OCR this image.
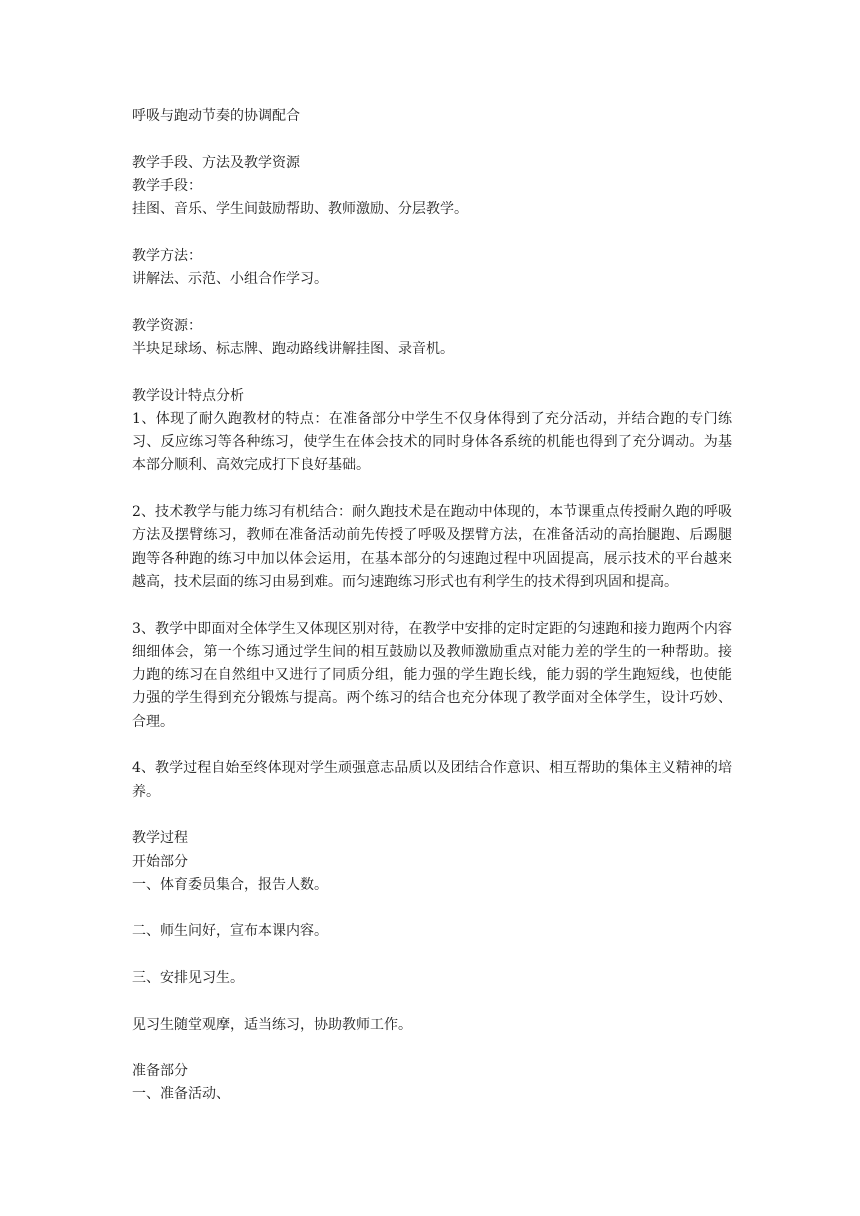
呼吸与跑动节奏的协调配合

教学手段、方法及教学资源

教学手段：

挂图、音乐、学生间鼓励帮助、教师激励、分层教学。

教学方法：

讲解法、示范、小组合作学习。

教学资源：

半块足球场、标志牌、跑动路线讲解挂图、录音机。

教学设计特点分析

1、体现了耐久跑教材的特点：在准备部分中学生不仅身体得到了充分活动，并结合跑的专门练习、反应练习等各种练习，使学生在体会技术的同时身体各系统的机能也得到了充分调动。为基本部分顺利、高效完成打下良好基础。

2、技术教学与能力练习有机结合：耐久跑技术是在跑动中体现的，本节课重点传授耐久跑的呼吸方法及摆臂练习，教师在准备活动前先传授了呼吸及摆臂方法，在准备活动的高抬腿跑、后踢腿跑等各种跑的练习中加以体会运用，在基本部分的匀速跑过程中巩固提高，展示技术的平台越来越高，技术层面的练习由易到难。而匀速跑练习形式也有利学生的技术得到巩固和提高。

3、教学中即面对全体学生又体现区别对待，在教学中安排的定时定距的匀速跑和接力跑两个内容细细体会，第一个练习通过学生间的相互鼓励以及教师激励重点对能力差的学生的一种帮助。接力跑的练习在自然组中又进行了同质分组，能力强的学生跑长线，能力弱的学生跑短线，也使能力强的学生得到充分锻炼与提高。两个练习的结合也充分体现了教学面对全体学生，设计巧妙、合理。

4、教学过程自始至终体现对学生顽强意志品质以及团结合作意识、相互帮助的集体主义精神的培养。

教学过程

开始部分

一、体育委员集合，报告人数。

二、师生问好，宣布本课内容。

三、安排见习生。

见习生随堂观摩，适当练习，协助教师工作。

准备部分

一、准备活动、
